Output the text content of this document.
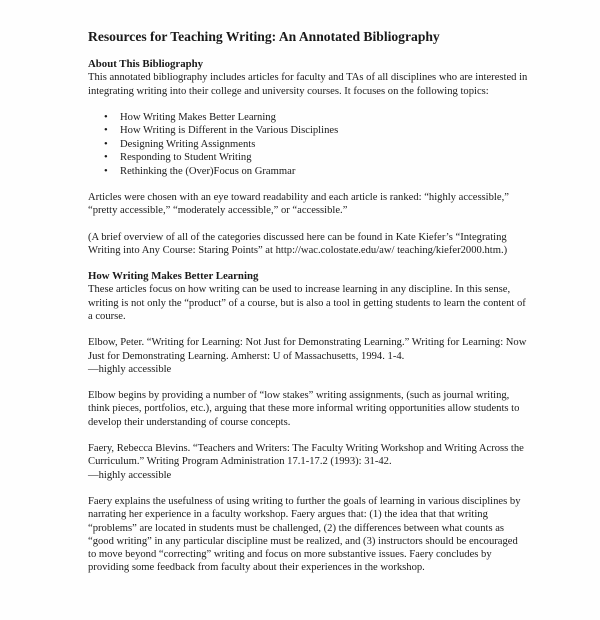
Resources for Teaching Writing: An Annotated Bibliography
About This Bibliography

This annotated bibliography includes articles for faculty and TAs of all disciplines who are interested in integrating writing into their college and university courses. It focuses on the following topics:

• How Writing Makes Better Learning
• How Writing is Different in the Various Disciplines
• Designing Writing Assignments
• Responding to Student Writing
• Rethinking the (Over)Focus on Grammar

Articles were chosen with an eye toward readability and each article is ranked: “highly accessible,” “pretty accessible,” “moderately accessible,” or “accessible.”

(A brief overview of all of the categories discussed here can be found in Kate Kiefer’s “Integrating Writing into Any Course: Staring Points” at http://wac.colostate.edu/aw/ teaching/kiefer2000.htm.)

How Writing Makes Better Learning

These articles focus on how writing can be used to increase learning in any discipline. In this sense, writing is not only the “product” of a course, but is also a tool in getting students to learn the content of a course.

Elbow, Peter. “Writing for Learning: Not Just for Demonstrating Learning.” Writing for Learning: Now Just for Demonstrating Learning. Amherst: U of Massachusetts, 1994. 1-4.

—highly accessible

Elbow begins by providing a number of “low stakes” writing assignments, (such as journal writing, think pieces, portfolios, etc.), arguing that these more informal writing opportunities allow students to develop their understanding of course concepts.

Faery, Rebecca Blevins. “Teachers and Writers: The Faculty Writing Workshop and Writing Across the Curriculum.” Writing Program Administration 17.1-17.2 (1993): 31-42.

—highly accessible

Faery explains the usefulness of using writing to further the goals of learning in various disciplines by narrating her experience in a faculty workshop. Faery argues that: (1) the idea that that writing “problems” are located in students must be challenged, (2) the differences between what counts as “good writing” in any particular discipline must be realized, and (3) instructors should be encouraged to move beyond “correcting” writing and focus on more substantive issues. Faery concludes by providing some feedback from faculty about their experiences in the workshop.
